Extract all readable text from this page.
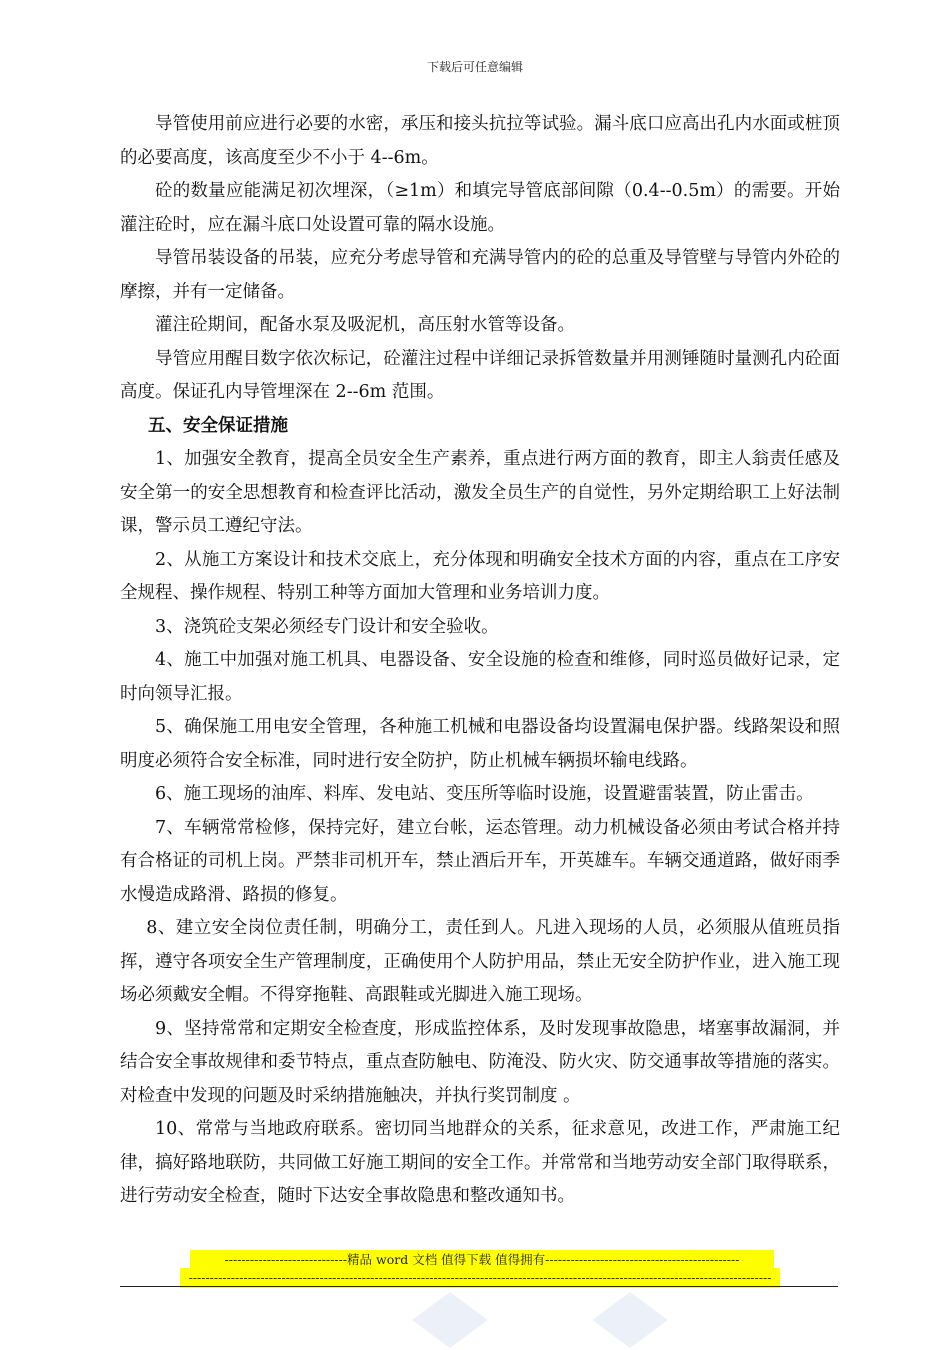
下载后可任意编辑

导管使用前应进行必要的水密，承压和接头抗拉等试验。漏斗底口应高出孔内水面或桩顶的必要高度，该高度至少不小于 4--6m。

砼的数量应能满足初次埋深，（≥1m）和填完导管底部间隙（0.4--0.5m）的需要。开始灌注砼时，应在漏斗底口处设置可靠的隔水设施。

导管吊装设备的吊装，应充分考虑导管和充满导管内的砼的总重及导管壁与导管内外砼的摩擦，并有一定储备。

灌注砼期间，配备水泵及吸泥机，高压射水管等设备。

导管应用醒目数字依次标记，砼灌注过程中详细记录拆管数量并用测锤随时量测孔内砼面高度。保证孔内导管埋深在 2--6m 范围。

五、安全保证措施

1、加强安全教育，提高全员安全生产素养，重点进行两方面的教育，即主人翁责任感及安全第一的安全思想教育和检查评比活动，激发全员生产的自觉性，另外定期给职工上好法制课，警示员工遵纪守法。

2、从施工方案设计和技术交底上，充分体现和明确安全技术方面的内容，重点在工序安全规程、操作规程、特别工种等方面加大管理和业务培训力度。

3、浇筑砼支架必须经专门设计和安全验收。

4、施工中加强对施工机具、电器设备、安全设施的检查和维修，同时巡员做好记录，定时向领导汇报。

5、确保施工用电安全管理，各种施工机械和电器设备均设置漏电保护器。线路架设和照明度必须符合安全标准，同时进行安全防护，防止机械车辆损坏输电线路。

6、施工现场的油库、料库、发电站、变压所等临时设施，设置避雷装置，防止雷击。

7、车辆常常检修，保持完好，建立台帐，运态管理。动力机械设备必须由考试合格并持有合格证的司机上岗。严禁非司机开车，禁止酒后开车，开英雄车。车辆交通道路，做好雨季水慢造成路滑、路损的修复。

8、建立安全岗位责任制，明确分工，责任到人。凡进入现场的人员，必须服从值班员指挥，遵守各项安全生产管理制度，正确使用个人防护用品，禁止无安全防护作业，进入施工现场必须戴安全帽。不得穿拖鞋、高跟鞋或光脚进入施工现场。

9、坚持常常和定期安全检查度，形成监控体系，及时发现事故隐患，堵塞事故漏洞，并结合安全事故规律和委节特点，重点查防触电、防淹没、防火灾、防交通事故等措施的落实。对检查中发现的问题及时采纳措施触决，并执行奖罚制度 。

10、常常与当地政府联系。密切同当地群众的关系，征求意见，改进工作，严肃施工纪律，搞好路地联防，共同做工好施工期间的安全工作。并常常和当地劳动安全部门取得联系，进行劳动安全检查，随时下达安全事故隐患和整改通知书。

-----------------------------精品 word 文档 值得下载 值得拥有----------------------------------------------
------------------------------------------------------------------------------------------------------------------------------------------
